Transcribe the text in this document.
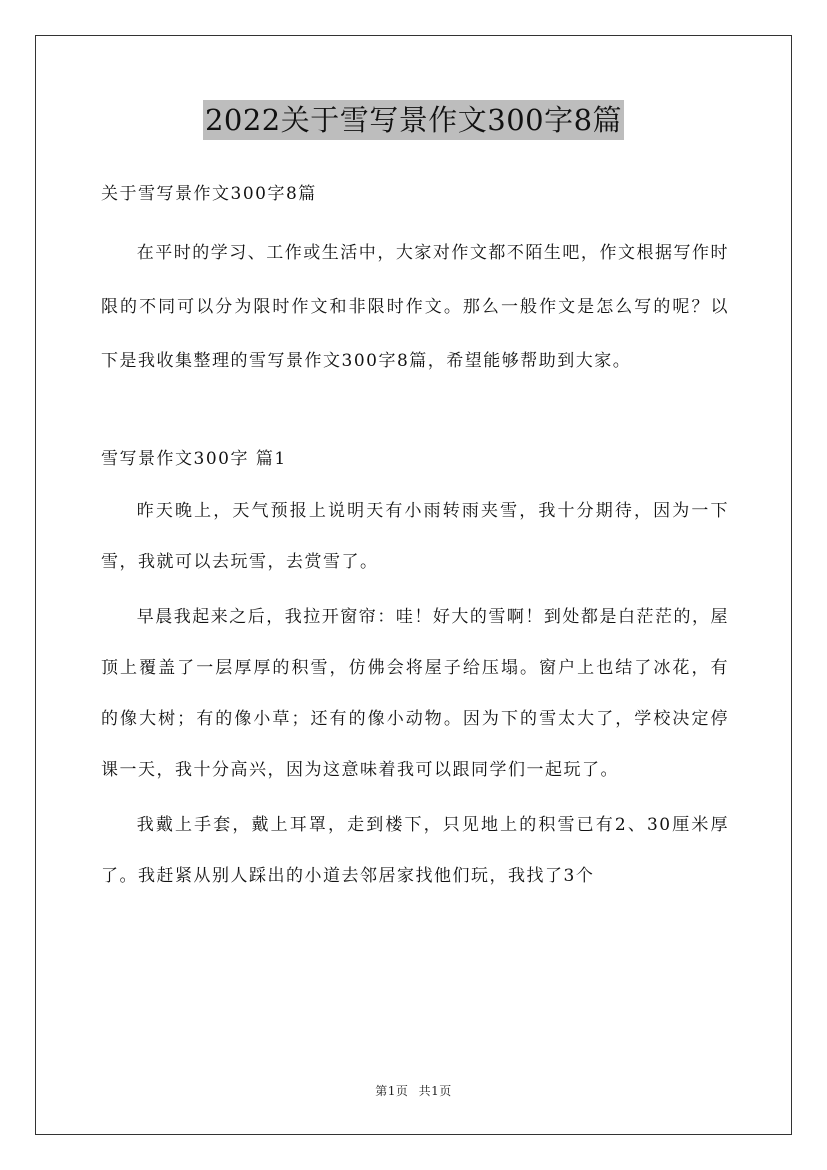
2022关于雪写景作文300字8篇
关于雪写景作文300字8篇

在平时的学习、工作或生活中，大家对作文都不陌生吧，作文根据写作时限的不同可以分为限时作文和非限时作文。那么一般作文是怎么写的呢？以下是我收集整理的雪写景作文300字8篇，希望能够帮助到大家。

雪写景作文300字 篇1

昨天晚上，天气预报上说明天有小雨转雨夹雪，我十分期待，因为一下雪，我就可以去玩雪，去赏雪了。

早晨我起来之后，我拉开窗帘：哇！好大的雪啊！到处都是白茫茫的，屋顶上覆盖了一层厚厚的积雪，仿佛会将屋子给压塌。窗户上也结了冰花，有的像大树；有的像小草；还有的像小动物。因为下的雪太大了，学校决定停课一天，我十分高兴，因为这意味着我可以跟同学们一起玩了。

我戴上手套，戴上耳罩，走到楼下，只见地上的积雪已有2、30厘米厚了。我赶紧从别人踩出的小道去邻居家找他们玩，我找了3个

第1页 共1页
